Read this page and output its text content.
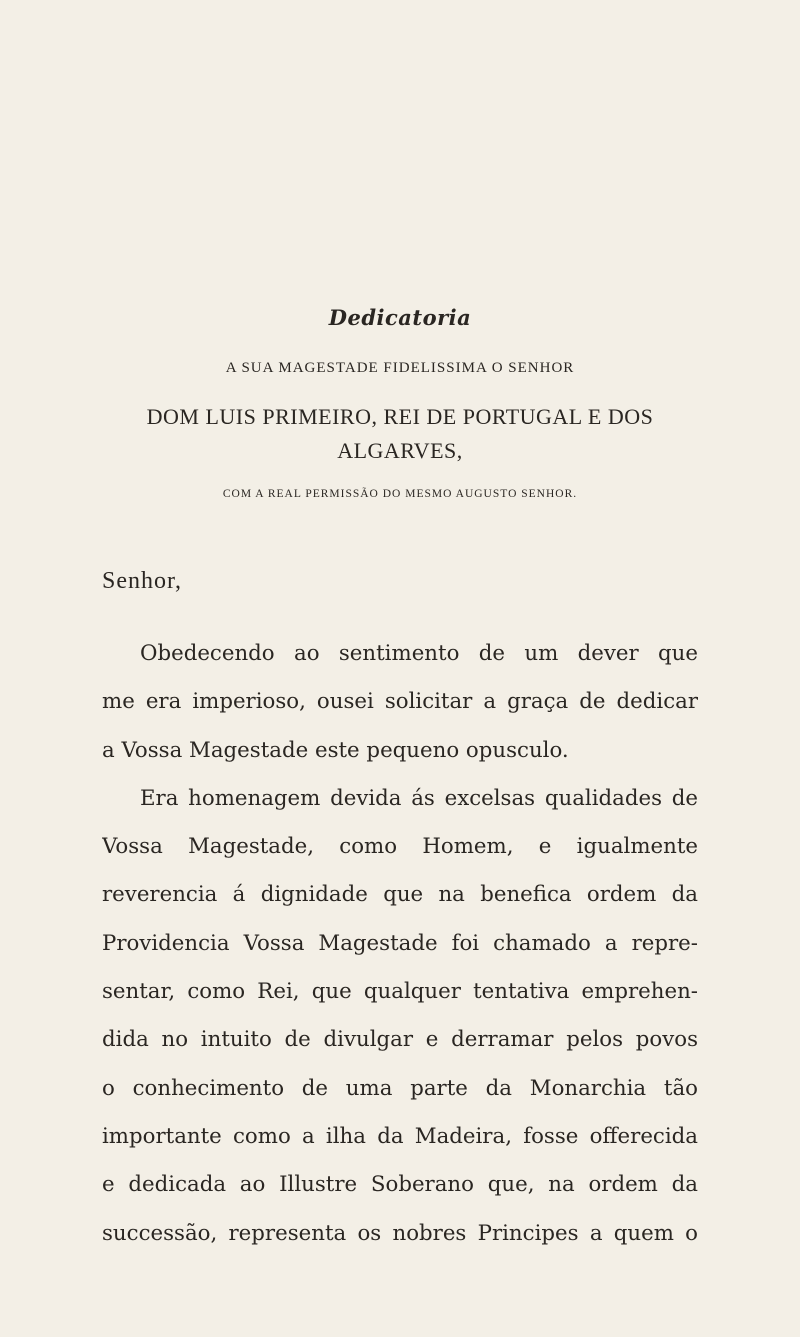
Dedicatoria
A SUA MAGESTADE FIDELISSIMA O SENHOR
DOM LUIS PRIMEIRO, REI DE PORTUGAL E DOS
ALGARVES,
COM A REAL PERMISSÃO DO MESMO AUGUSTO SENHOR.
Senhor,
Obedecendo ao sentimento de um dever que
me era imperioso, ousei solicitar a graça de dedicar
a Vossa Magestade este pequeno opusculo.
Era homenagem devida ás excelsas qualidades de
Vossa Magestade, como Homem, e igualmente
reverencia á dignidade que na benefica ordem da
Providencia Vossa Magestade foi chamado a repre-
sentar, como Rei, que qualquer tentativa emprehen-
dida no intuito de divulgar e derramar pelos povos
o conhecimento de uma parte da Monarchia tão
importante como a ilha da Madeira, fosse offerecida
e dedicada ao Illustre Soberano que, na ordem da
successão, representa os nobres Principes a quem o
